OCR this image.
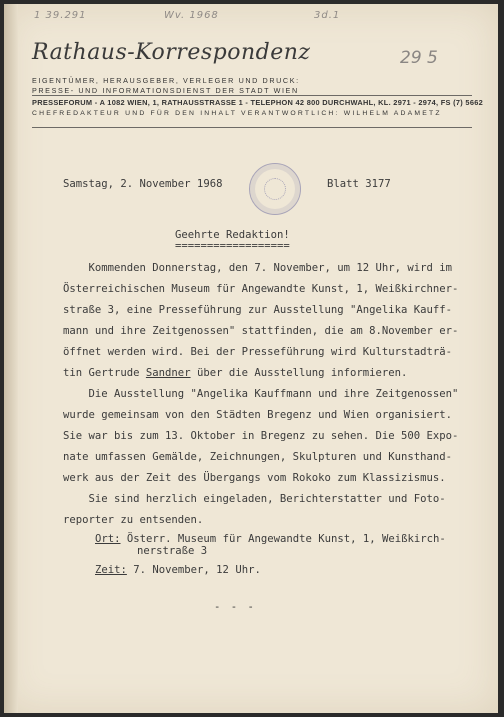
1 39.291	Wv. 1968	3d.1
Rathaus-Korrespondenz	29 5
EIGENTÜMER, HERAUSGEBER, VERLEGER UND DRUCK:
PRESSE- UND INFORMATIONSDIENST DER STADT WIEN
PRESSEFORUM - A 1082 WIEN, 1, RATHAUSSTRASSE 1 - TELEPHON 42 800 DURCHWAHL, KL. 2971 - 2974, FS (7) 5662
CHEFREDAKTEUR UND FÜR DEN INHALT VERANTWORTLICH: WILHELM ADAMETZ
Samstag, 2. November 1968	Blatt 3177
Geehrte Redaktion!
==================
Kommenden Donnerstag, den 7. November, um 12 Uhr, wird im
Österreichischen Museum für Angewandte Kunst, 1, Weißkirchner-
straße 3, eine Presseführung zur Ausstellung "Angelika Kauff-
mann und ihre Zeitgenossen" stattfinden, die am 8.November er-
öffnet werden wird. Bei der Presseführung wird Kulturstadträ-
tin Gertrude Sandner über die Ausstellung informieren.
Die Ausstellung "Angelika Kauffmann und ihre Zeitgenossen"
wurde gemeinsam von den Städten Bregenz und Wien organisiert.
Sie war bis zum 13. Oktober in Bregenz zu sehen. Die 500 Expo-
nate umfassen Gemälde, Zeichnungen, Skulpturen und Kunsthand-
werk aus der Zeit des Übergangs vom Rokoko zum Klassizismus.
Sie sind herzlich eingeladen, Berichterstatter und Foto-
reporter zu entsenden.
Ort: Österr. Museum für Angewandte Kunst, 1, Weißkirch-
nerstraße 3
Zeit: 7. November, 12 Uhr.
- - -
